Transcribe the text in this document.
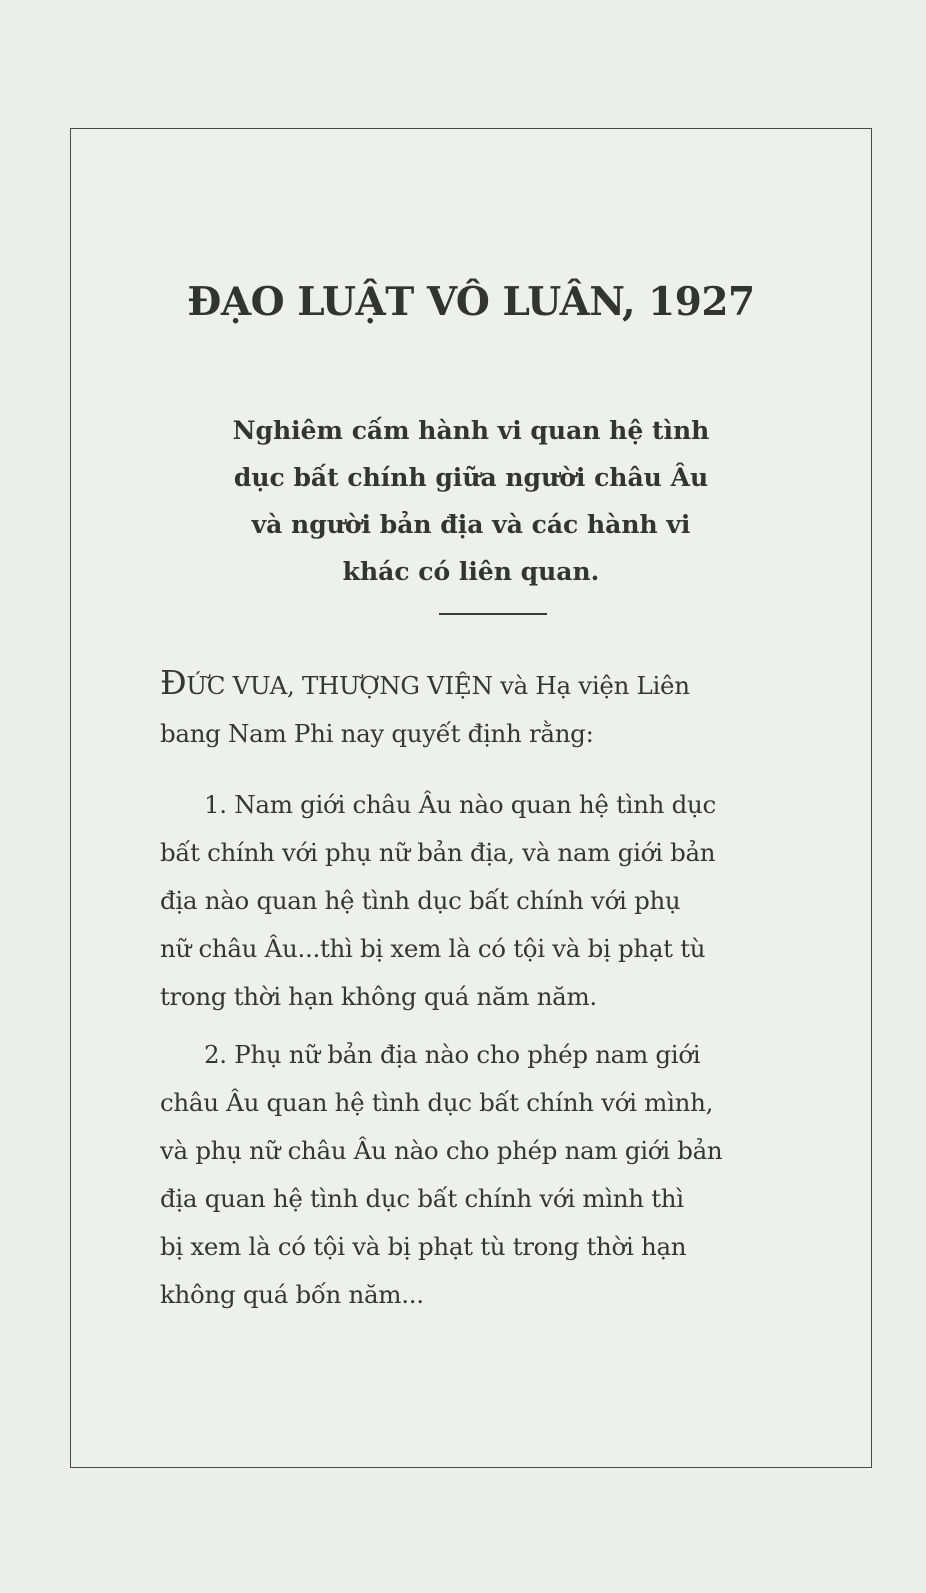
ĐẠO LUẬT VÔ LUÂN, 1927
Nghiêm cấm hành vi quan hệ tình
dục bất chính giữa người châu Âu
và người bản địa và các hành vi
khác có liên quan.
ĐỨC VUA, THƯỢNG VIỆN và Hạ viện Liên
bang Nam Phi nay quyết định rằng:
1. Nam giới châu Âu nào quan hệ tình dục
bất chính với phụ nữ bản địa, và nam giới bản
địa nào quan hệ tình dục bất chính với phụ
nữ châu Âu...thì bị xem là có tội và bị phạt tù
trong thời hạn không quá năm năm.
2. Phụ nữ bản địa nào cho phép nam giới
châu Âu quan hệ tình dục bất chính với mình,
và phụ nữ châu Âu nào cho phép nam giới bản
địa quan hệ tình dục bất chính với mình thì
bị xem là có tội và bị phạt tù trong thời hạn
không quá bốn năm...
